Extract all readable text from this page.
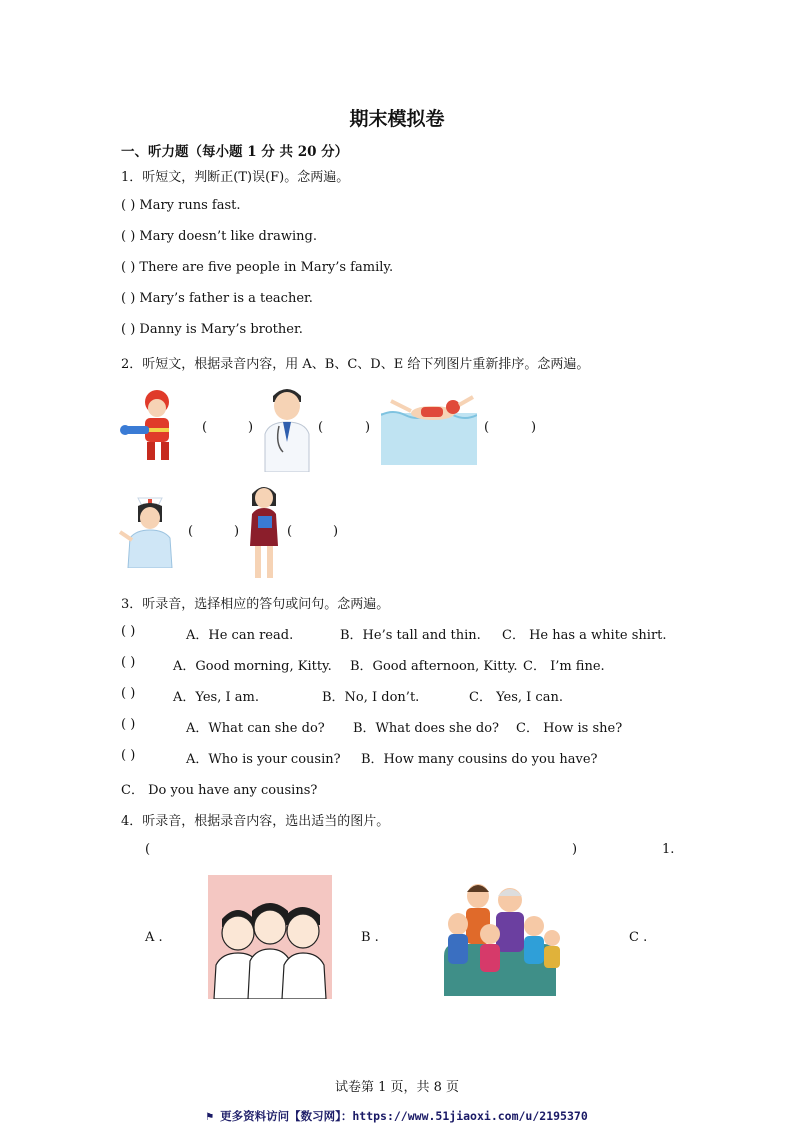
期末模拟卷
一、听力题（每小题 1 分 共 20 分）
1．听短文，判断正(T)误(F)。念两遍。
( ) Mary runs fast.
( ) Mary doesn’t like drawing.
( ) There are five people in Mary’s family.
( ) Mary’s father is a teacher.
( ) Danny is Mary’s brother.
2．听短文，根据录音内容，用 A、B、C、D、E 给下列图片重新排序。念两遍。
(	)	(	)	(	)
(	)	(	)
3．听录音，选择相应的答句或问句。念两遍。
( )	A．He can read.	B．He’s tall and thin. C． He has a white shirt.
( )	A．Good morning, Kitty. B．Good afternoon, Kitty. C． I’m fine.
( )	A．Yes, I am.	B．No, I don’t.	C． Yes, I can.
( )	A．What can she do? B．What does she do? C． How is she?
( )	A．Who is your cousin? B．How many cousins do you have?
C． Do you have any cousins?
4．听录音，根据录音内容，选出适当的图片。
(	)	1.
A .	B .	C .
试卷第 1 页，共 8 页
⚑ 更多资料访问【数习网】：https://www.51jiaoxi.com/u/2195370
